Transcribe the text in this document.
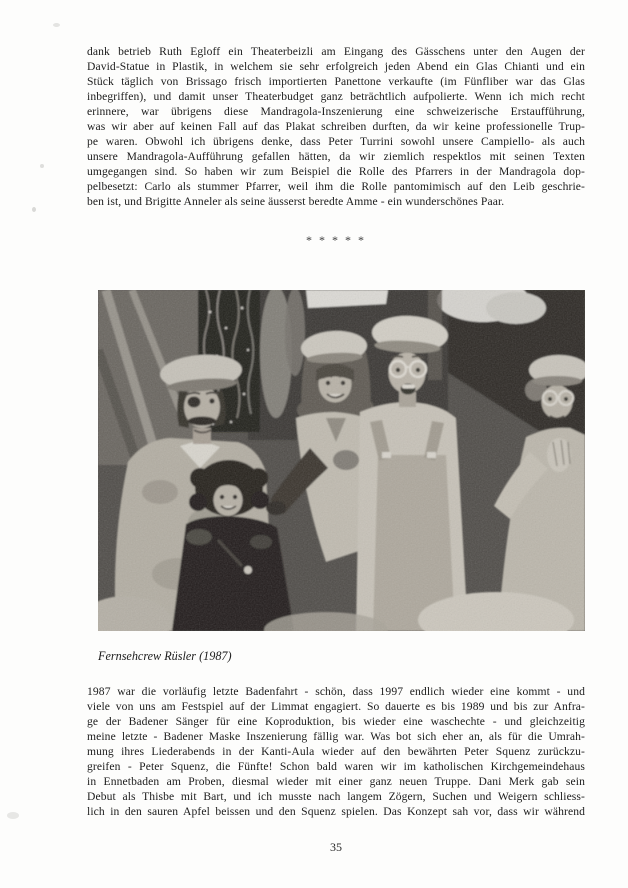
dank betrieb Ruth Egloff ein Theaterbeizli am Eingang des Gässchens unter den Augen der
David-Statue in Plastik, in welchem sie sehr erfolgreich jeden Abend ein Glas Chianti und ein
Stück täglich von Brissago frisch importierten Panettone verkaufte (im Fünfliber war das Glas
inbegriffen), und damit unser Theaterbudget ganz beträchtlich aufpolierte. Wenn ich mich recht
erinnere, war übrigens diese Mandragola-Inszenierung eine schweizerische Erstaufführung,
was wir aber auf keinen Fall auf das Plakat schreiben durften, da wir keine professionelle Trup-
pe waren. Obwohl ich übrigens denke, dass Peter Turrini sowohl unsere Campiello- als auch
unsere Mandragola-Aufführung gefallen hätten, da wir ziemlich respektlos mit seinen Texten
umgegangen sind. So haben wir zum Beispiel die Rolle des Pfarrers in der Mandragola dop-
pelbesetzt: Carlo als stummer Pfarrer, weil ihm die Rolle pantomimisch auf den Leib geschrie-
ben ist, und Brigitte Anneler als seine äusserst beredte Amme - ein wunderschönes Paar.
* * * * *
Fernsehcrew Rüsler (1987)
1987 war die vorläufig letzte Badenfahrt - schön, dass 1997 endlich wieder eine kommt - und
viele von uns am Festspiel auf der Limmat engagiert. So dauerte es bis 1989 und bis zur Anfra-
ge der Badener Sänger für eine Koproduktion, bis wieder eine waschechte - und gleichzeitig
meine letzte - Badener Maske Inszenierung fällig war. Was bot sich eher an, als für die Umrah-
mung ihres Liederabends in der Kanti-Aula wieder auf den bewährten Peter Squenz zurückzu-
greifen - Peter Squenz, die Fünfte! Schon bald waren wir im katholischen Kirchgemeindehaus
in Ennetbaden am Proben, diesmal wieder mit einer ganz neuen Truppe. Dani Merk gab sein
Debut als Thisbe mit Bart, und ich musste nach langem Zögern, Suchen und Weigern schliess-
lich in den sauren Apfel beissen und den Squenz spielen. Das Konzept sah vor, dass wir während
35
